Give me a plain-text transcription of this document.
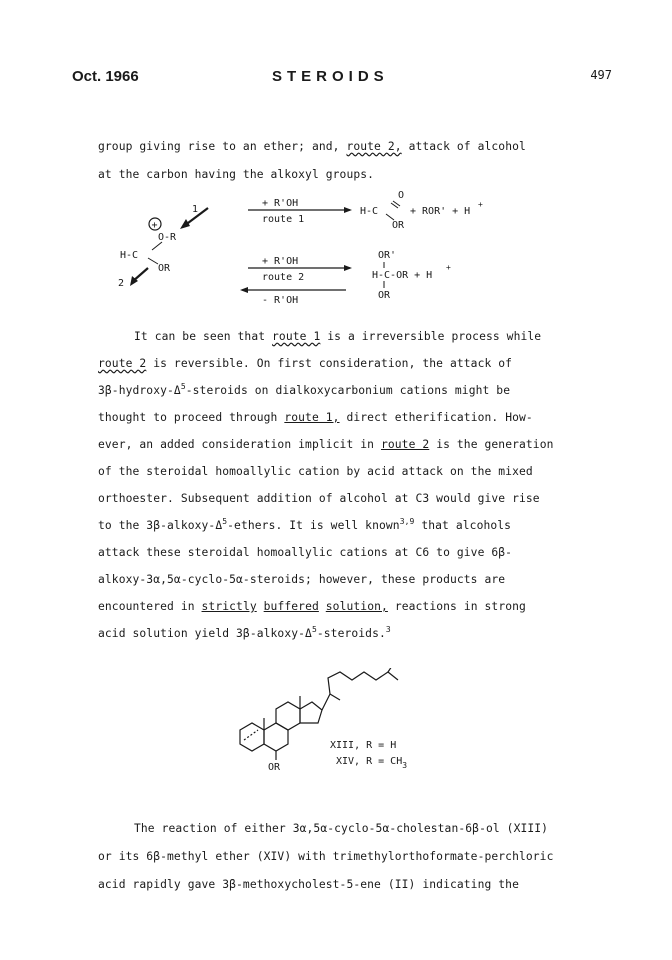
Oct. 1966	STEROIDS	497
group giving rise to an ether; and, route 2, attack of alcohol
at the carbon having the alkoxyl groups.
1
+
O-R
H-C
OR
2
+ R'OH
route 1
O
H-C
OR
+ ROR' + H
+
+ R'OH
route 2
- R'OH
OR'
H-C-OR + H
+
OR
It can be seen that route 1 is a irreversible process while
route 2 is reversible. On first consideration, the attack of
$3\beta-hydroxy-\Delta^5$-steroids on dialkoxycarbonium cations might be
thought to proceed through route 1, direct etherification. How-
ever, an added consideration implicit in route 2 is the generation
of the steroidal homoallylic cation by acid attack on the mixed
orthoester. Subsequent addition of alcohol at C3 would give rise
to the $3\beta-alkoxy-\Delta^5$-ethers. It is well known$^{3,9}$ that alcohols
attack these steroidal homoallylic cations at C6 to give 6β-
alkoxy-3α,5α-cyclo-5α-steroids; however, these products are
encountered in strictly buffered solution, reactions in strong
acid solution yield $3\beta-alkoxy-\Delta^5-steroids.^3$
OR
XIII, R = H
XIV, $R = CH_3$
The reaction of either 3α,5α-cyclo-5α-cholestan-6β-ol (XIII)
or its 6β-methyl ether (XIV) with trimethylorthoformate-perchloric
acid rapidly gave 3β-methoxycholest-5-ene (II) indicating the
